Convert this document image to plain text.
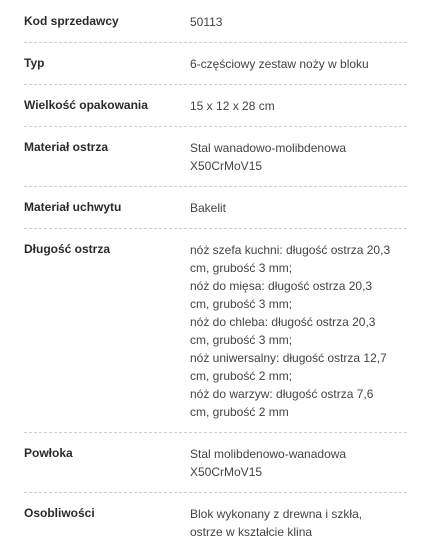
Kod sprzedawcy	50113
Typ	6-częściowy zestaw noży w bloku
Wielkość opakowania	15 x 12 x 28 cm
Materiał ostrza	Stal wanadowo-molibdenowa
X50CrMoV15
Materiał uchwytu	Bakelit
Długość ostrza	nóż szefa kuchni: długość ostrza 20,3
cm, grubość 3 mm;
nóż do mięsa: długość ostrza 20,3
cm, grubość 3 mm;
nóż do chleba: długość ostrza 20,3
cm, grubość 3 mm;
nóż uniwersalny: długość ostrza 12,7
cm, grubość 2 mm;
nóż do warzyw: długość ostrza 7,6
cm, grubość 2 mm
Powłoka	Stal molibdenowo-wanadowa
X50CrMoV15
Osobliwości	Blok wykonany z drewna i szkła,
ostrze w kształcie klina
